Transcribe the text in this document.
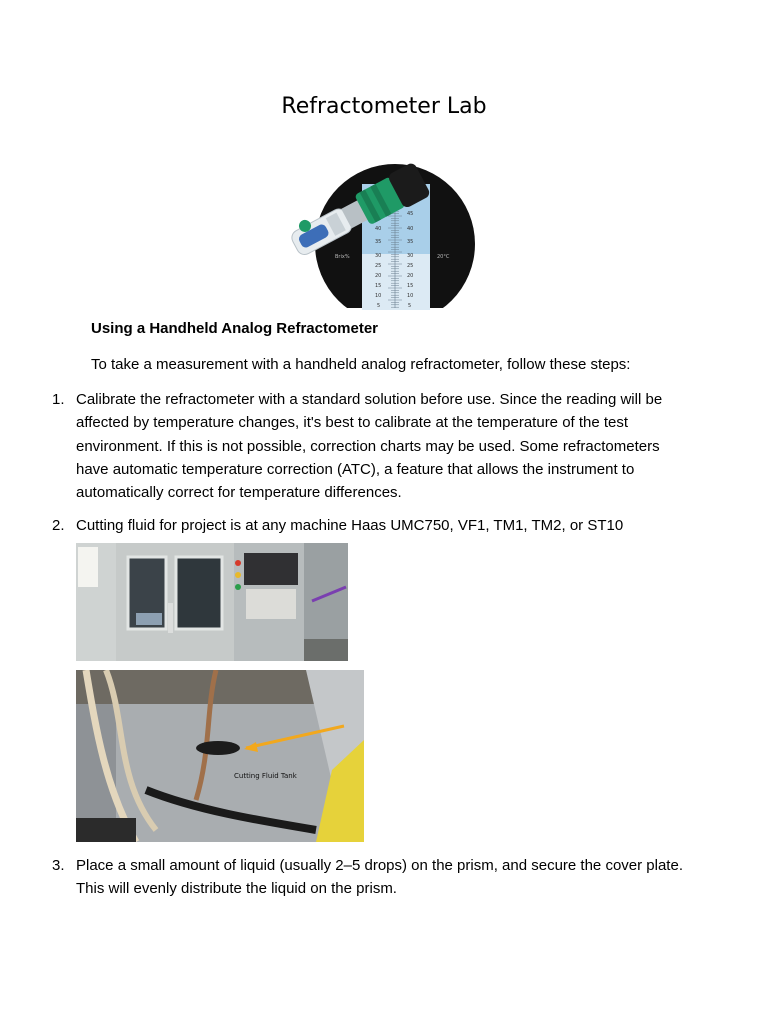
Refractometer Lab
40
35
30
25
20
15
10
5
45
40
35
30
25
20
15
10
5
Brix%	20°C
Using a Handheld Analog Refractometer
To take a measurement with a handheld analog refractometer, follow these steps:
1. Calibrate the refractometer with a standard solution before use. Since the reading will be affected by temperature changes, it's best to calibrate at the temperature of the test environment. If this is not possible, correction charts may be used. Some refractometers have automatic temperature correction (ATC), a feature that allows the instrument to automatically correct for temperature differences.
2. Cutting fluid for project is at any machine Haas UMC750, VF1, TM1, TM2, or ST10
Cutting Fluid Tank
3. Place a small amount of liquid (usually 2–5 drops) on the prism, and secure the cover plate. This will evenly distribute the liquid on the prism.
